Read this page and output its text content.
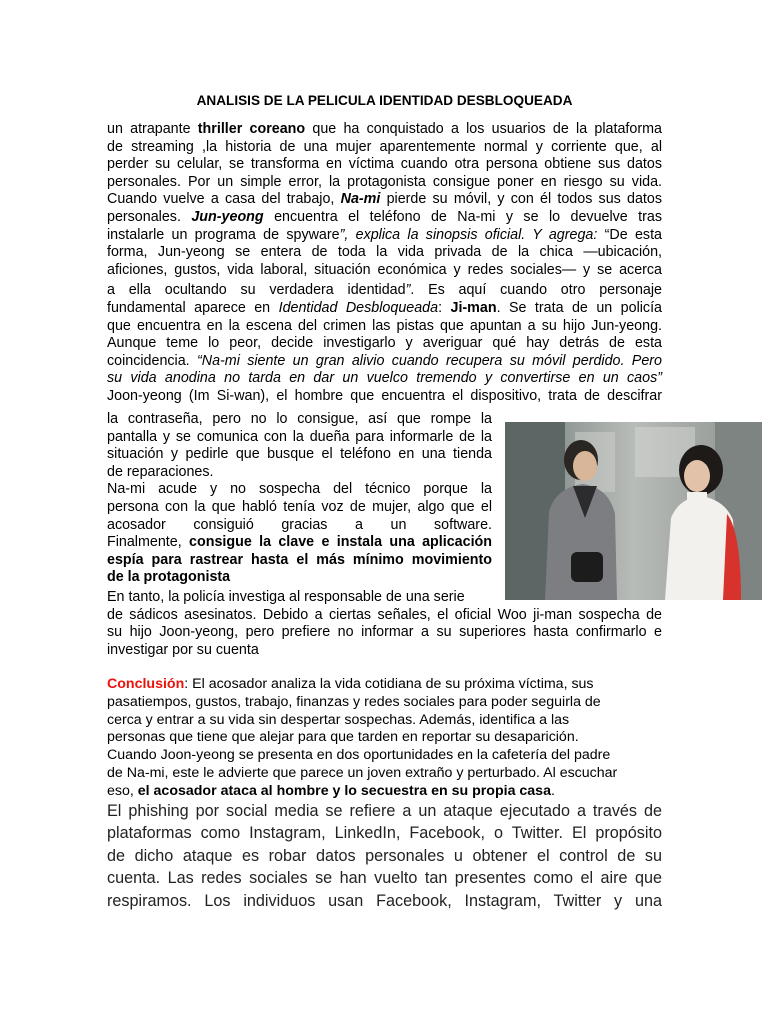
ANALISIS DE LA PELICULA IDENTIDAD DESBLOQUEADA
un atrapante thriller coreano que ha conquistado a los usuarios de la plataforma
de streaming ,la historia de una mujer aparentemente normal y corriente que, al
perder su celular, se transforma en víctima cuando otra persona obtiene sus datos
personales. Por un simple error, la protagonista consigue poner en riesgo su vida.
Cuando vuelve a casa del trabajo, Na-mi pierde su móvil, y con él todos sus datos
personales. Jun-yeong encuentra el teléfono de Na-mi y se lo devuelve tras
instalarle un programa de spyware”, explica la sinopsis oficial. Y agrega: “De esta
forma, Jun-yeong se entera de toda la vida privada de la chica —ubicación,
aficiones, gustos, vida laboral, situación económica y redes sociales— y se acerca
a ella ocultando su verdadera identidad”. Es aquí cuando otro personaje
fundamental aparece en Identidad Desbloqueada: Ji-man. Se trata de un policía
que encuentra en la escena del crimen las pistas que apuntan a su hijo Jun-yeong.
Aunque teme lo peor, decide investigarlo y averiguar qué hay detrás de esta
coincidencia. “Na-mi siente un gran alivio cuando recupera su móvil perdido. Pero
su vida anodina no tarda en dar un vuelco tremendo y convertirse en un caos”
Joon-yeong (Im Si-wan), el hombre que encuentra el dispositivo, trata de descifrar
la contraseña, pero no lo consigue, así que rompe la
pantalla y se comunica con la dueña para informarle de la
situación y pedirle que busque el teléfono en una tienda
de reparaciones.
Na-mi acude y no sospecha del técnico porque la
persona con la que habló tenía voz de mujer, algo que el
acosador consiguió gracias a un software.
Finalmente, consigue la clave e instala una aplicación
espía para rastrear hasta el más mínimo movimiento
de la protagonista
En tanto, la policía investiga al responsable de una serie
de sádicos asesinatos. Debido a ciertas señales, el oficial Woo ji-man sospecha de
su hijo Joon-yeong, pero prefiere no informar a su superiores hasta confirmarlo e
investigar por su cuenta
Conclusión: El acosador analiza la vida cotidiana de su próxima víctima, sus
pasatiempos, gustos, trabajo, finanzas y redes sociales para poder seguirla de
cerca y entrar a su vida sin despertar sospechas. Además, identifica a las
personas que tiene que alejar para que tarden en reportar su desaparición.
Cuando Joon-yeong se presenta en dos oportunidades en la cafetería del padre
de Na-mi, este le advierte que parece un joven extraño y perturbado. Al escuchar
eso, el acosador ataca al hombre y lo secuestra en su propia casa.
El phishing por social media se refiere a un ataque ejecutado a través de
plataformas como Instagram, LinkedIn, Facebook, o Twitter. El propósito
de dicho ataque es robar datos personales u obtener el control de su
cuenta. Las redes sociales se han vuelto tan presentes como el aire que
respiramos. Los individuos usan Facebook, Instagram, Twitter y una
